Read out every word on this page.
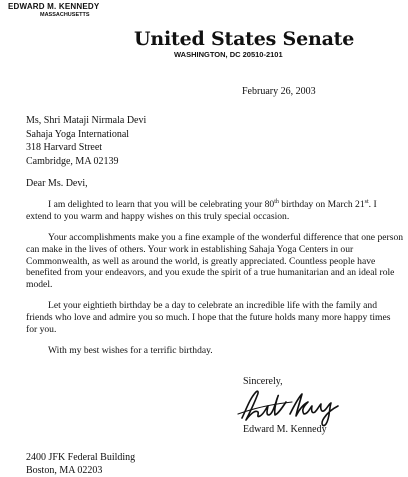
EDWARD M. KENNEDY
MASSACHUSETTS
United States Senate
WASHINGTON, DC 20510-2101
February 26, 2003
Ms, Shri Mataji Nirmala Devi
Sahaja Yoga International
318 Harvard Street
Cambridge, MA 02139
Dear Ms. Devi,

I am delighted to learn that you will be celebrating your 80th birthday on March 21st. I extend to you warm and happy wishes on this truly special occasion.

Your accomplishments make you a fine example of the wonderful difference that one person can make in the lives of others. Your work in establishing Sahaja Yoga Centers in our Commonwealth, as well as around the world, is greatly appreciated. Countless people have benefited from your endeavors, and you exude the spirit of a true humanitarian and an ideal role model.

Let your eightieth birthday be a day to celebrate an incredible life with the family and friends who love and admire you so much. I hope that the future holds many more happy times for you.

With my best wishes for a terrific birthday.

Sincerely,
Edward M. Kennedy
2400 JFK Federal Building
Boston, MA 02203
